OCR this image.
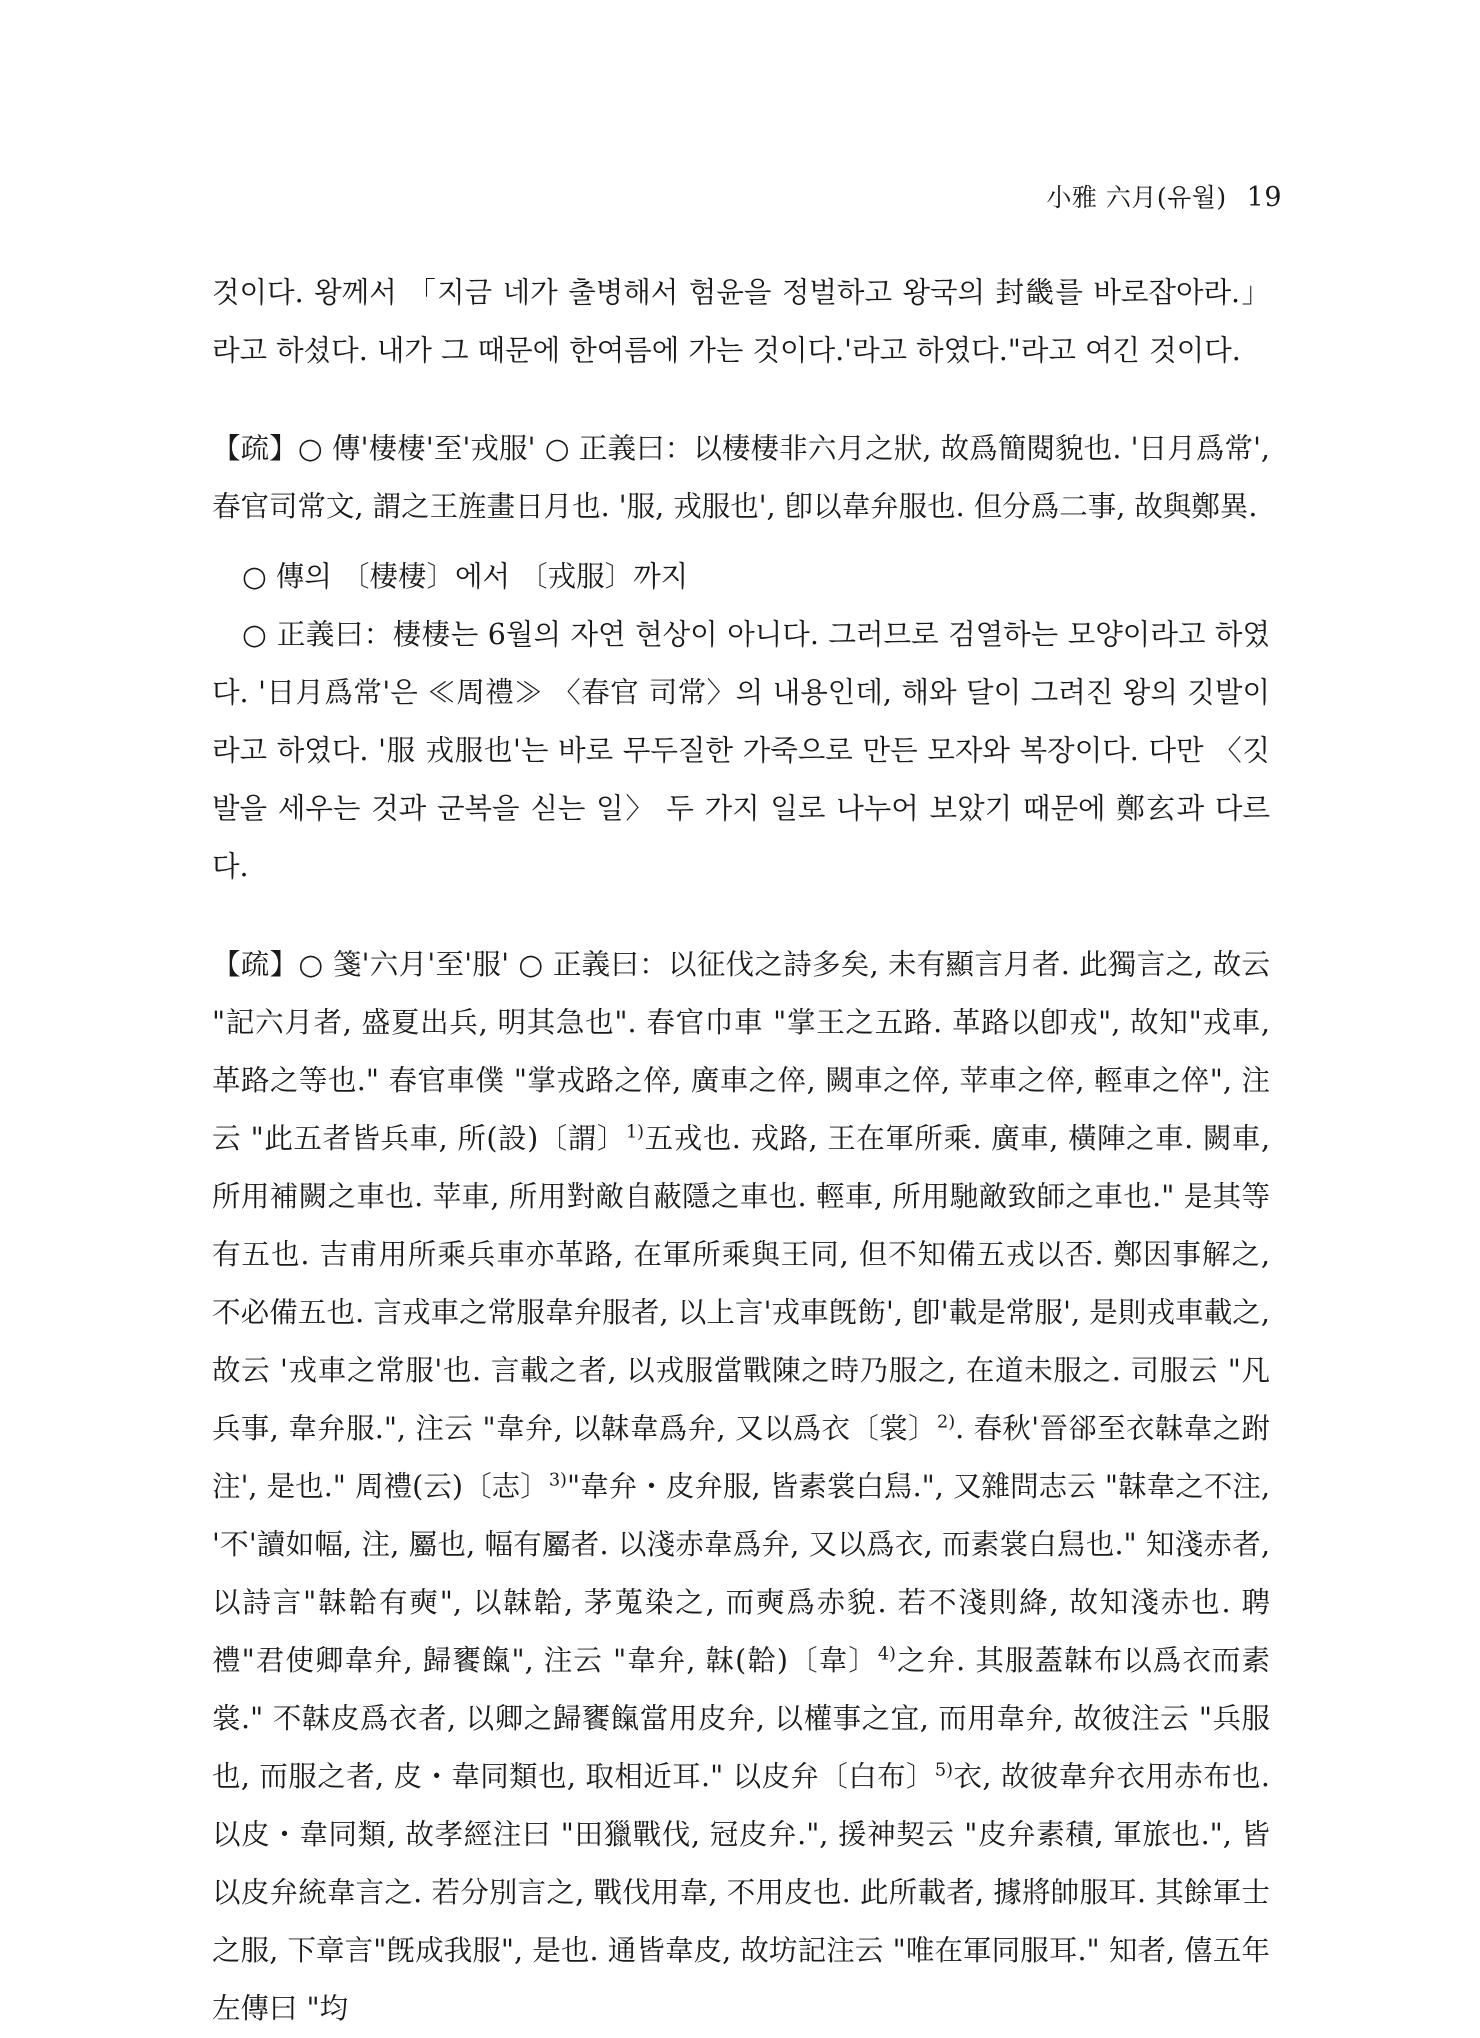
小雅 六月(유월) 19

것이다. 왕께서 「지금 네가 출병해서 험윤을 정벌하고 왕국의 封畿를 바로잡아라.」라고 하셨다. 내가 그 때문에 한여름에 가는 것이다.'라고 하였다."라고 여긴 것이다.

【疏】○ 傳'棲棲'至'戎服' ○ 正義曰：以棲棲非六月之狀, 故爲簡閱貌也. '日月爲常', 春官司常文, 謂之王旌畫日月也. '服, 戎服也', 卽以韋弁服也. 但分爲二事, 故與鄭異.

○ 傳의 〔棲棲〕에서 〔戎服〕까지

○ 正義曰：棲棲는 6월의 자연 현상이 아니다. 그러므로 검열하는 모양이라고 하였다. '日月爲常'은 ≪周禮≫ 〈春官 司常〉의 내용인데, 해와 달이 그려진 왕의 깃발이라고 하였다. '服 戎服也'는 바로 무두질한 가죽으로 만든 모자와 복장이다. 다만 〈깃발을 세우는 것과 군복을 싣는 일〉 두 가지 일로 나누어 보았기 때문에 鄭玄과 다르다.

【疏】○ 箋'六月'至'服' ○ 正義曰：以征伐之詩多矣, 未有顯言月者. 此獨言之, 故云 "記六月者, 盛夏出兵, 明其急也". 春官巾車 "掌王之五路. 革路以卽戎", 故知"戎車, 革路之等也." 春官車僕 "掌戎路之倅, 廣車之倅, 闕車之倅, 苹車之倅, 輕車之倅", 注云 "此五者皆兵車, 所(設)〔謂〕$^{1)}$五戎也. 戎路, 王在軍所乘. 廣車, 橫陣之車. 闕車, 所用補闕之車也. 苹車, 所用對敵自蔽隱之車也. 輕車, 所用馳敵致師之車也." 是其等有五也. 吉甫用所乘兵車亦革路, 在軍所乘與王同, 但不知備五戎以否. 鄭因事解之, 不必備五也. 言戎車之常服韋弁服者, 以上言'戎車旣飭', 卽'載是常服', 是則戎車載之, 故云 '戎車之常服'也. 言載之者, 以戎服當戰陳之時乃服之, 在道未服之. 司服云 "凡兵事, 韋弁服.", 注云 "韋弁, 以韎韋爲弁, 又以爲衣〔裳〕$^{2)}$. 春秋'晉郤至衣韎韋之跗注', 是也." 周禮(云)〔志〕$^{3)}$"韋弁・皮弁服, 皆素裳白舃.", 又雜問志云 "韎韋之不注, '不'讀如幅, 注, 屬也, 幅有屬者. 以淺赤韋爲弁, 又以爲衣, 而素裳白舃也." 知淺赤者, 以詩言"韎韐有奭", 以韎韐, 茅蒐染之, 而奭爲赤貌. 若不淺則絳, 故知淺赤也. 聘禮"君使卿韋弁, 歸饔餼", 注云 "韋弁, 韎(韐)〔韋〕$^{4)}$之弁. 其服蓋韎布以爲衣而素裳." 不韎皮爲衣者, 以卿之歸饔餼當用皮弁, 以權事之宜, 而用韋弁, 故彼注云 "兵服也, 而服之者, 皮・韋同類也, 取相近耳." 以皮弁〔白布〕$^{5)}$衣, 故彼韋弁衣用赤布也. 以皮・韋同類, 故孝經注曰 "田獵戰伐, 冠皮弁.", 援神契云 "皮弁素積, 軍旅也.", 皆以皮弁統韋言之. 若分別言之, 戰伐用韋, 不用皮也. 此所載者, 據將帥服耳. 其餘軍士之服, 下章言"旣成我服", 是也. 通皆韋皮, 故坊記注云 "唯在軍同服耳." 知者, 僖五年左傳曰 "均
